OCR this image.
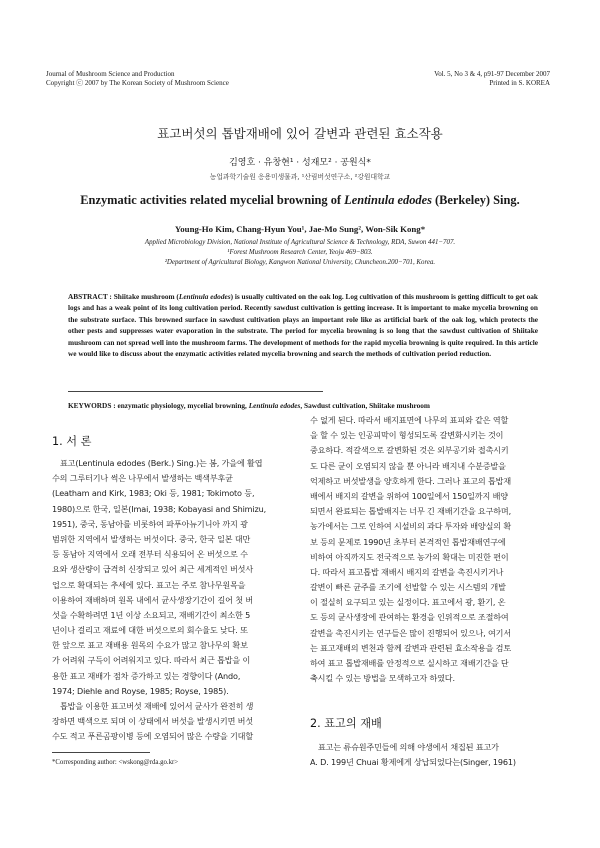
Journal of Mushroom Science and Production
Copyright ⓒ 2007 by The Korean Society of Mushroom Science
Vol. 5, No 3 & 4, p91-97 December 2007
Printed in S. KOREA
표고버섯의 톱밥재배에 있어 갈변과 관련된 효소작용
김영호 · 유창현¹ · 성재모² · 공원식*
농업과학기술원 응용미생물과, ¹산림버섯연구소, ²강원대학교
Enzymatic activities related mycelial browning of Lentinula edodes (Berkeley) Sing.
Young-Ho Kim, Chang-Hyun You¹, Jae-Mo Sung², Won-Sik Kong*
Applied Microbiology Division, National Institute of Agricultural Science & Technology, RDA, Suwon 441−707.
¹Forest Mushroom Research Center, Yeoju 469−803.
²Department of Agricultural Biology, Kangwon National University, Chuncheon.200−701, Korea.
ABSTRACT : Shiitake mushroom (Lentinula edodes) is usually cultivated on the oak log. Log cultivation of this mushroom is getting difficult to get oak logs and has a weak point of its long cultivation period. Recently sawdust cultivation is getting increase. It is important to make mycelia browning on the substrate surface. This browned surface in sawdust cultivation plays an important role like as artificial bark of the oak log, which protects the other pests and suppresses water evaporation in the substrate. The period for mycelia browning is so long that the sawdust cultivation of Shiitake mushroom can not spread well into the mushroom farms. The development of methods for the rapid mycelia browning is quite required. In this article we would like to discuss about the enzymatic activities related mycelia browning and search the methods of cultivation period reduction.
KEYWORDS : enzymatic physiology, mycelial browning, Lentinula edodes, Sawdust cultivation, Shiitake mushroom
1. 서 론
표고(Lentinula edodes (Berk.) Sing.)는 봄, 가을에 활엽
수의 그루터기나 썩은 나무에서 발생하는 백색부후균
(Leatham and Kirk, 1983; Oki 등, 1981; Tokimoto 등,
1980)으로 한국, 일본(Imai, 1938; Kobayasi and Shimizu,
1951), 중국, 동남아를 비롯하여 파푸아뉴기니아 까지 광
범위한 지역에서 발생하는 버섯이다. 중국, 한국 일본 대만
등 동남아 지역에서 오래 전부터 식용되어 온 버섯으로 수
요와 생산량이 급격히 신장되고 있어 최근 세계적인 버섯사
업으로 확대되는 추세에 있다. 표고는 주로 참나무원목을
이용하여 재배하며 원목 내에서 균사생장기간이 길어 첫 버
섯을 수확하려면 1년 이상 소요되고, 재배기간이 최소한 5
년이나 걸리고 재료에 대한 버섯으로의 회수율도 낮다. 또
한 앞으로 표고 재배용 원목의 수요가 많고 참나무의 확보
가 어려워 구득이 어려워지고 있다. 따라서 최근 톱밥을 이
용한 표고 재배가 점차 증가하고 있는 경향이다 (Ando,
1974; Diehle and Royse, 1985; Royse, 1985).
톱밥을 이용한 표고버섯 재배에 있어서 균사가 완전히 생
장하면 백색으로 되며 이 상태에서 버섯을 발생시키면 버섯
수도 적고 푸른곰팡이병 등에 오염되어 많은 수량을 기대할
수 없게 된다. 따라서 배지표면에 나무의 표피와 같은 역할
을 할 수 있는 인공피막이 형성되도록 갈변화시키는 것이
중요하다. 적갈색으로 갈변화된 것은 외부공기와 접촉시키
도 다른 균이 오염되지 않을 뿐 아니라 배지내 수분증발을
억제하고 버섯발생을 양호하게 한다. 그러나 표고의 톱밥재
배에서 배지의 갈변을 위하여 100일에서 150일까지 배양
되면서 완료되는 톱밥배지는 너무 긴 재배기간을 요구하며,
농가에서는 그로 인하여 시설비의 과다 투자와 배양실의 확
보 등의 문제로 1990년 초부터 본격적인 톱밥재배연구에
비하여 아직까지도 전국적으로 농가의 확대는 미진한 편이
다. 따라서 표고톱밥 재배시 배지의 갈변을 촉진시키거나
갈변이 빠른 균주를 조기에 선발할 수 있는 시스템의 개발
이 절실히 요구되고 있는 실정이다. 표고에서 광, 환기, 온
도 등의 균사생장에 관여하는 환경을 인위적으로 조절하여
갈변을 촉진시키는 연구들은 많이 진행되어 있으나, 여기서
는 표고재배의 변천과 함께 갈변과 관련된 효소작용을 검토
하여 표고 톱밥재배를 안정적으로 실시하고 재배기간을 단
축시킬 수 있는 방법을 모색하고자 하였다.
2. 표고의 재배
표고는 류슈원주민들에 의해 야생에서 채집된 표고가
A. D. 199년 Chuai 황제에게 상납되었다는(Singer, 1961)
*Corresponding author: <wskong@rda.go.kr>
